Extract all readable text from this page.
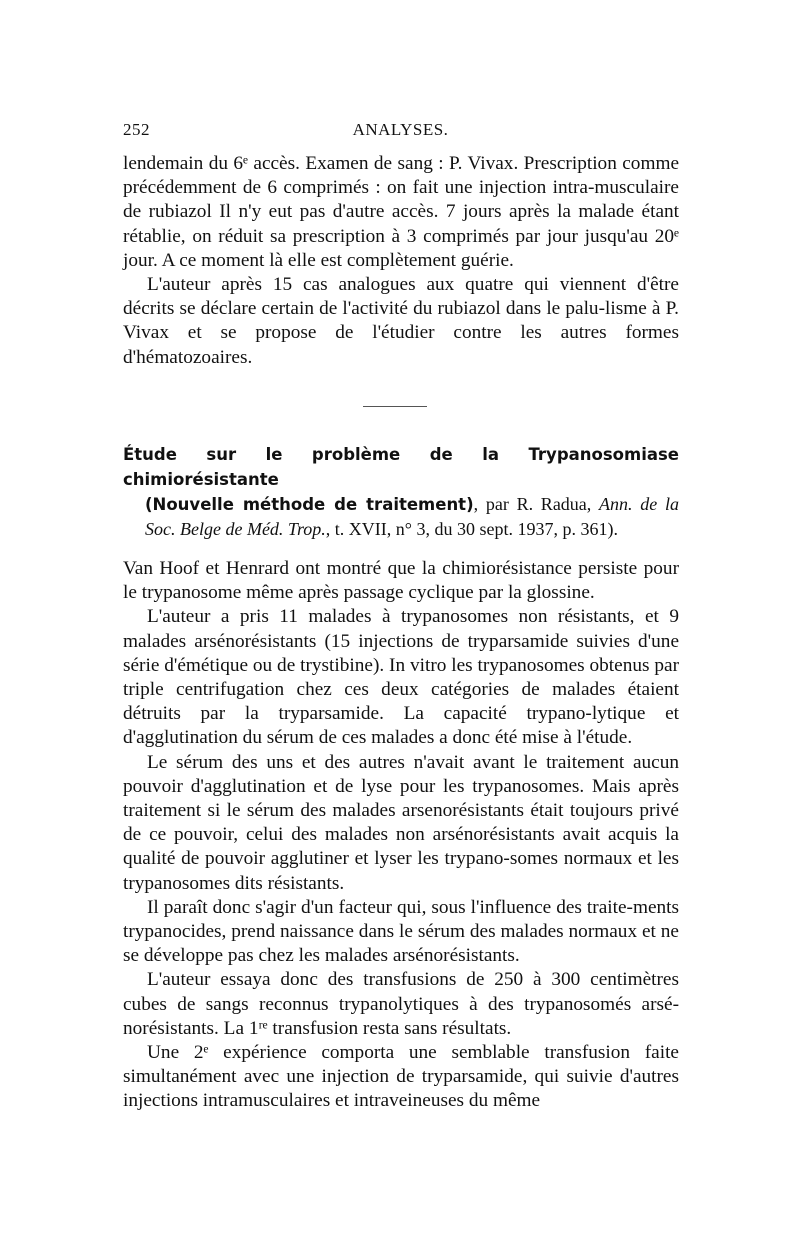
252	ANALYSES.

lendemain du 6ᵉ accès. Examen de sang : P. Vivax. Prescription comme précédemment de 6 comprimés : on fait une injection intra-musculaire de rubiazol Il n'y eut pas d'autre accès. 7 jours après la malade étant rétablie, on réduit sa prescription à 3 comprimés par jour jusqu'au 20ᵉ jour. A ce moment là elle est complètement guérie.

L'auteur après 15 cas analogues aux quatre qui viennent d'être décrits se déclare certain de l'activité du rubiazol dans le palu-lisme à P. Vivax et se propose de l'étudier contre les autres formes d'hématozoaires.

Étude sur le problème de la Trypanosomiase chimiorésistante

(Nouvelle méthode de traitement), par R. Radua, Ann. de la Soc. Belge de Méd. Trop., t. XVII, n° 3, du 30 sept. 1937, p. 361).

Van Hoof et Henrard ont montré que la chimiorésistance persiste pour le trypanosome même après passage cyclique par la glossine.

L'auteur a pris 11 malades à trypanosomes non résistants, et 9 malades arsénorésistants (15 injections de tryparsamide suivies d'une série d'émétique ou de trystibine). In vitro les trypanosomes obtenus par triple centrifugation chez ces deux catégories de malades étaient détruits par la tryparsamide. La capacité trypano-lytique et d'agglutination du sérum de ces malades a donc été mise à l'étude.

Le sérum des uns et des autres n'avait avant le traitement aucun pouvoir d'agglutination et de lyse pour les trypanosomes. Mais après traitement si le sérum des malades arsenorésistants était toujours privé de ce pouvoir, celui des malades non arsénorésistants avait acquis la qualité de pouvoir agglutiner et lyser les trypano-somes normaux et les trypanosomes dits résistants.

Il paraît donc s'agir d'un facteur qui, sous l'influence des traite-ments trypanocides, prend naissance dans le sérum des malades normaux et ne se développe pas chez les malades arsénorésistants.

L'auteur essaya donc des transfusions de 250 à 300 centimètres cubes de sangs reconnus trypanolytiques à des trypanosomés arsé-norésistants. La 1ʳᵉ transfusion resta sans résultats.

Une 2ᵉ expérience comporta une semblable transfusion faite simultanément avec une injection de tryparsamide, qui suivie d'autres injections intramusculaires et intraveineuses du même
